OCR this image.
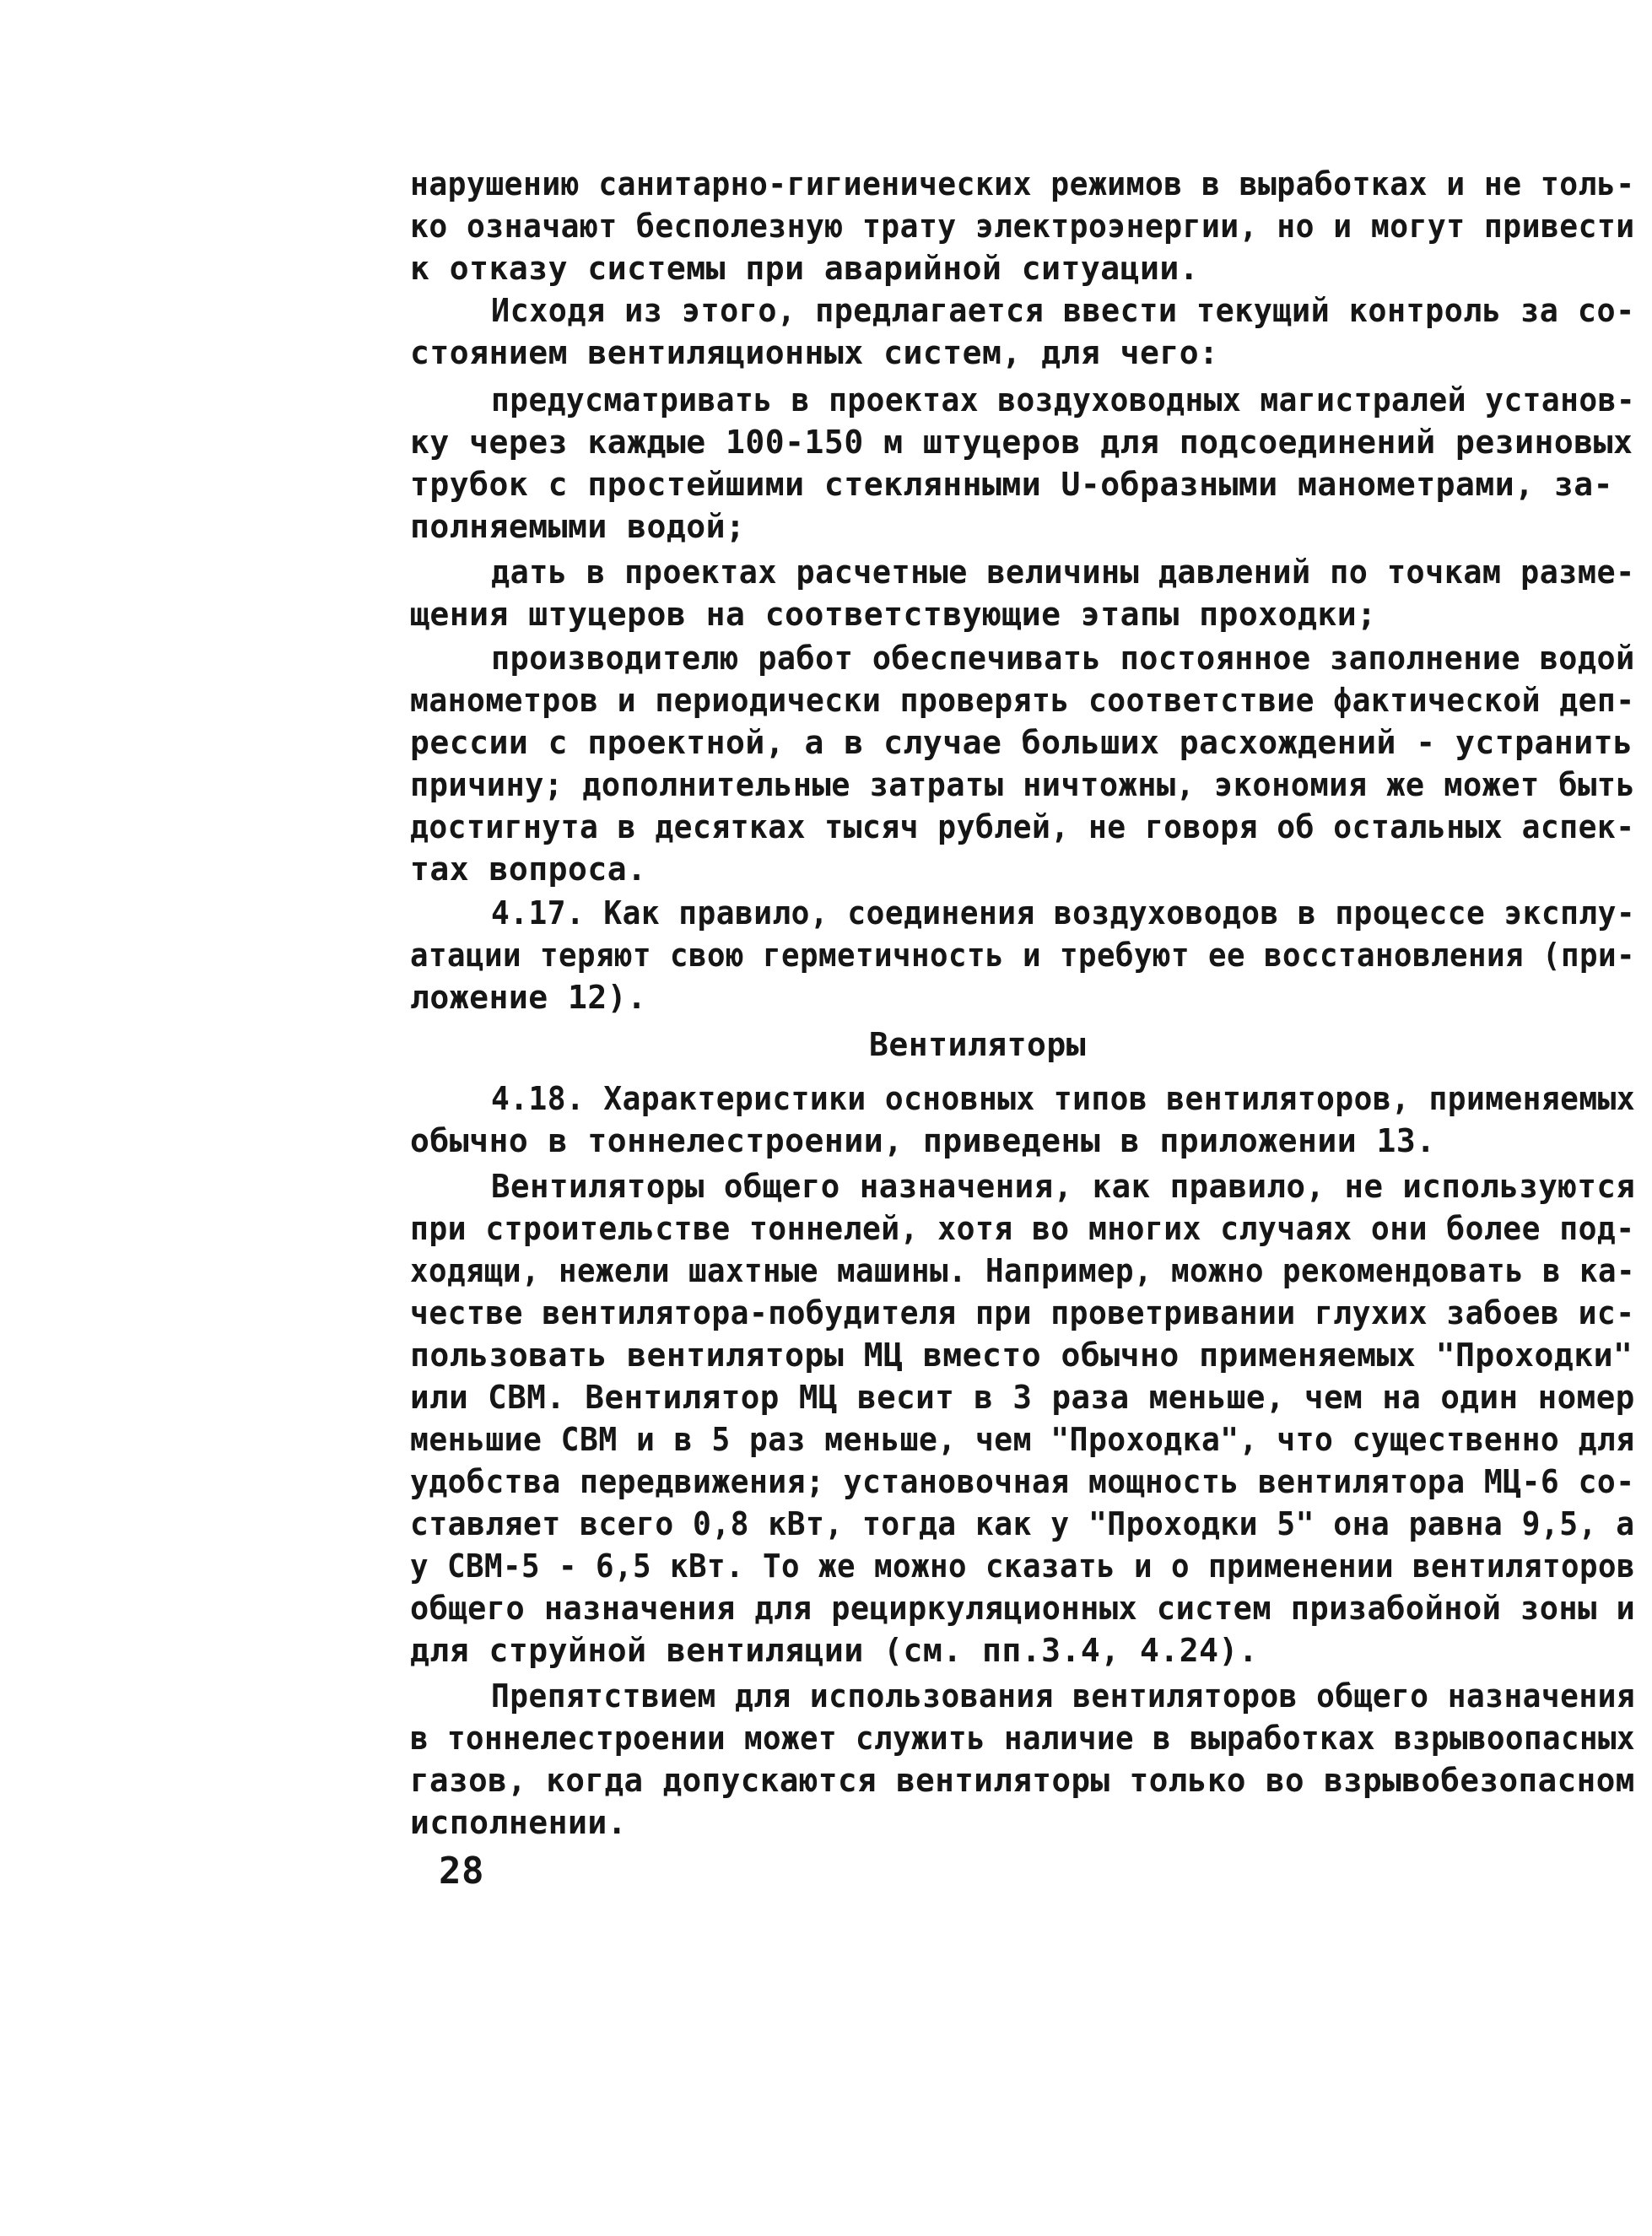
нарушению санитарно-гигиенических режимов в выработках и не толь-
ко означают бесполезную трату электроэнергии, но и могут привести
к отказу системы при аварийной ситуации.
Исходя из этого, предлагается ввести текущий контроль за со-
стоянием вентиляционных систем, для чего:
предусматривать в проектах воздуховодных магистралей установ-
ку через каждые 100-150 м штуцеров для подсоединений резиновых
трубок с простейшими стеклянными U-образными манометрами, за-
полняемыми водой;
дать в проектах расчетные величины давлений по точкам разме-
щения штуцеров на соответствующие этапы проходки;
производителю работ обеспечивать постоянное заполнение водой
манометров и периодически проверять соответствие фактической деп-
рессии с проектной, а в случае больших расхождений - устранить
причину; дополнительные затраты ничтожны, экономия же может быть
достигнута в десятках тысяч рублей, не говоря об остальных аспек-
тах вопроса.
4.17. Как правило, соединения воздуховодов в процессе эксплу-
атации теряют свою герметичность и требуют ее восстановления (при-
ложение 12).
Вентиляторы
4.18. Характеристики основных типов вентиляторов, применяемых
обычно в тоннелестроении, приведены в приложении 13.
Вентиляторы общего назначения, как правило, не используются
при строительстве тоннелей, хотя во многих случаях они более под-
ходящи, нежели шахтные машины. Например, можно рекомендовать в ка-
честве вентилятора-побудителя при проветривании глухих забоев ис-
пользовать вентиляторы МЦ вместо обычно применяемых "Проходки"
или СВМ. Вентилятор МЦ весит в 3 раза меньше, чем на один номер
меньшие СВМ и в 5 раз меньше, чем "Проходка", что существенно для
удобства передвижения; установочная мощность вентилятора МЦ-6 со-
ставляет всего 0,8 кВт, тогда как у "Проходки 5" она равна 9,5, а
у СВМ-5 - 6,5 кВт. То же можно сказать и о применении вентиляторов
общего назначения для рециркуляционных систем призабойной зоны и
для струйной вентиляции (см. пп.3.4, 4.24).
Препятствием для использования вентиляторов общего назначения
в тоннелестроении может служить наличие в выработках взрывоопасных
газов, когда допускаются вентиляторы только во взрывобезопасном
исполнении.
28
